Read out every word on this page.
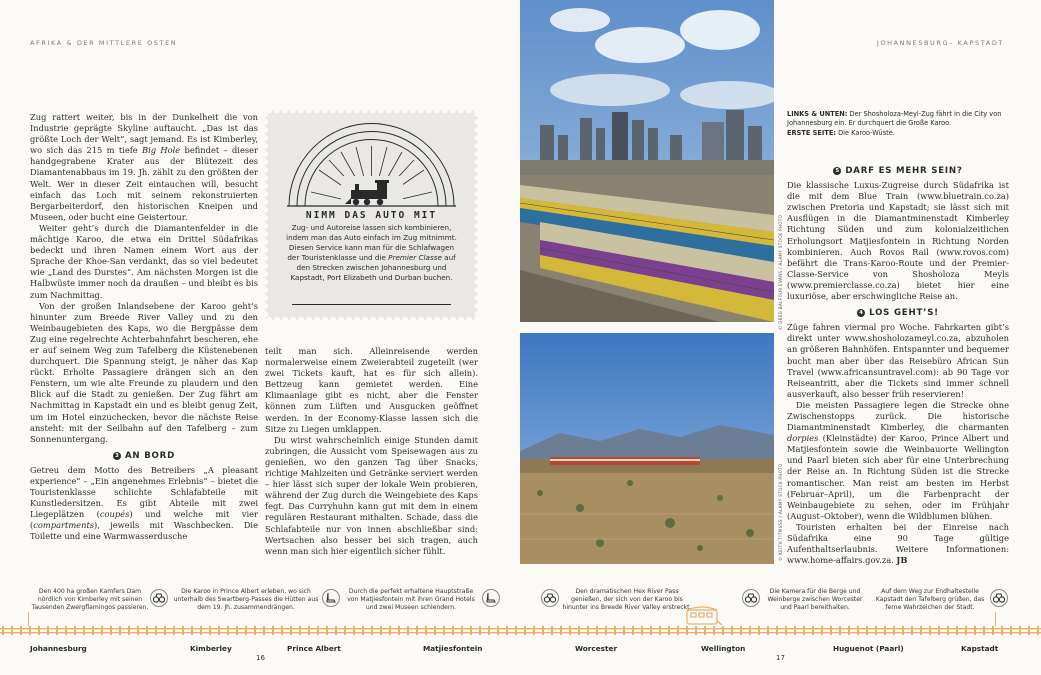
AFRIKA & DER MITTLERE OSTEN	JOHANNESBURG– KAPSTADT

Zug rattert weiter, bis in der Dunkelheit die von Industrie geprägte Skyline auftaucht. „Das ist das größte Loch der Welt“, sagt jemand. Es ist Kimberley, wo sich das 215 m tiefe Big Hole befindet – dieser handgegrabene Krater aus der Blütezeit des Diamantenabbaus im 19. Jh. zählt zu den größten der Welt. Wer in dieser Zeit eintauchen will, besucht einfach das Loch mit seinem rekonstruierten Bergarbeiterdorf, den historischen Kneipen und Museen, oder bucht eine Geistertour.

Weiter geht’s durch die Diamantenfelder in die mächtige Karoo, die etwa ein Drittel Südafrikas bedeckt und ihren Namen einem Wort aus der Sprache der Khoe-San verdankt, das so viel bedeutet wie „Land des Durstes“. Am nächsten Morgen ist die Halbwüste immer noch da draußen – und bleibt es bis zum Nachmittag.

Von der großen Inlandsebene der Karoo geht’s hinunter zum Breede River Valley und zu den Weinbaugebieten des Kaps, wo die Bergpässe dem Zug eine regelrechte Achterbahnfahrt bescheren, ehe er auf seinem Weg zum Tafelberg die Küstenebenen durchquert. Die Spannung steigt, je näher das Kap rückt. Erholte Passagiere drängen sich an den Fenstern, um wie alte Freunde zu plaudern und den Blick auf die Stadt zu genießen. Der Zug fährt am Nachmittag in Kapstadt ein und es bleibt genug Zeit, um im Hotel einzuchecken, bevor die nächste Reise ansteht: mit der Seilbahn auf den Tafelberg – zum Sonnenuntergang.

3 AN BORD

Getreu dem Motto des Betreibers „A pleasant experience“ – „Ein angenehmes Erlebnis“ – bietet die Touristenklasse schlichte Schlafabteile mit Kunstledersitzen. Es gibt Abteile mit zwei Liegeplätzen (coupés) und welche mit vier (compartments), jeweils mit Waschbecken. Die Toilette und eine Warmwasserdusche

NIMM DAS AUTO MIT
Zug- und Autoreise lassen sich kombinieren, indem man das Auto einfach im Zug mitnimmt. Diesen Service kann man für die Schlafwagen der Touristenklasse und die Premier Classe auf den Strecken zwischen Johannesburg und Kapstadt, Port Elizabeth und Durban buchen.

teilt man sich. Alleinreisende werden normalerweise einem Zweierabteil zugeteilt (wer zwei Tickets kauft, hat es für sich allein). Bettzeug kann gemietet werden. Eine Klimaanlage gibt es nicht, aber die Fenster können zum Lüften und Ausgucken geöffnet werden. In der Economy-Klasse lassen sich die Sitze zu Liegen umklappen.

Du wirst wahrscheinlich einige Stunden damit zubringen, die Aussicht vom Speisewagen aus zu genießen, wo den ganzen Tag über Snacks, richtige Mahlzeiten und Getränke serviert werden – hier lässt sich super der lokale Wein probieren, während der Zug durch die Weingebiete des Kaps fegt. Das Curryhuhn kann gut mit dem in einem regulären Restaurant mithalten. Schade, dass die Schlafabteile nur von innen abschließbar sind: Wertsachen also besser bei sich tragen, auch wenn man sich hier eigentlich sicher fühlt.

© GREG BALFOUR EVANS / ALAMY STOCK PHOTO
© KEITH TITMUSS / ALAMY STOCK PHOTO
LINKS & UNTEN: Der Shosholoza-Meyl-Zug fährt in die City von Johannesburg ein. Er durchquert die Große Karoo.
ERSTE SEITE: Die Karoo-Wüste.
5 DARF ES MEHR SEIN?

Die klassische Luxus-Zugreise durch Südafrika ist die mit dem Blue Train (www.bluetrain.co.za) zwischen Pretoria und Kapstadt; sie lässt sich mit Ausflügen in die Diamantminenstadt Kimberley Richtung Süden und zum kolonialzeitlichen Erholungsort Matjiesfontein in Richtung Norden kombinieren. Auch Rovos Rail (www.rovos.com) befährt die Trans-Karoo-Route und der Premier-Classe-Service von Shosholoza Meyls (www.premierclasse.co.za) bietet hier eine luxuriöse, aber erschwingliche Reise an.

4 LOS GEHT’S!

Züge fahren viermal pro Woche. Fahrkarten gibt’s direkt unter www.shosholozameyl.co.za, abzuholen an größeren Bahnhöfen. Entspannter und bequemer bucht man aber über das Reisebüro African Sun Travel (www.africansuntravel.com): ab 90 Tage vor Reiseantritt, aber die Tickets sind immer schnell ausverkauft, also besser früh reservieren!

Die meisten Passagiere legen die Strecke ohne Zwischenstopps zurück. Die historische Diamantminenstadt Kimberley, die charmanten dorpies (Kleinstädte) der Karoo, Prince Albert und Matjiesfontein sowie die Weinbauorte Wellington und Paarl bieten sich aber für eine Unterbrechung der Reise an. In Richtung Süden ist die Strecke romantischer. Man reist am besten im Herbst (Februar–April), um die Farbenpracht der Weinbaugebiete zu sehen, oder im Frühjahr (August–Oktober), wenn die Wildblumen blühen.

Touristen erhalten bei der Einreise nach Südafrika eine 90 Tage gültige Aufenthaltserlaubnis. Weitere Informationen: www.home-affairs.gov.za. JB

Den 400 ha großen Kamfers Dam nördlich von Kimberley mit seinen Tausenden Zwergflamingos passieren.
Die Karoo in Prince Albert erleben, wo sich unterhalb des Swartberg-Passes die Hütten aus dem 19. Jh. zusammendrängen.
Durch die perfekt erhaltene Hauptstraße von Matjiesfontein mit ihren Grand Hotels und zwei Museen schlendern.
Den dramatischen Hex River Pass genießen, der sich von der Karoo bis hinunter ins Breede River Valley erstreckt.
Die Kamera für die Berge und Weinberge zwischen Worcester und Paarl bereithalten.
Auf dem Weg zur Endhaltestelle Kapstadt den Tafelberg grüßen, das ferne Wahrzeichen der Stadt.
Johannesburg	Kimberley	Prince Albert	Matjiesfontein	Worcester	Wellington	Huguenot (Paarl)	Kapstadt
16	17
